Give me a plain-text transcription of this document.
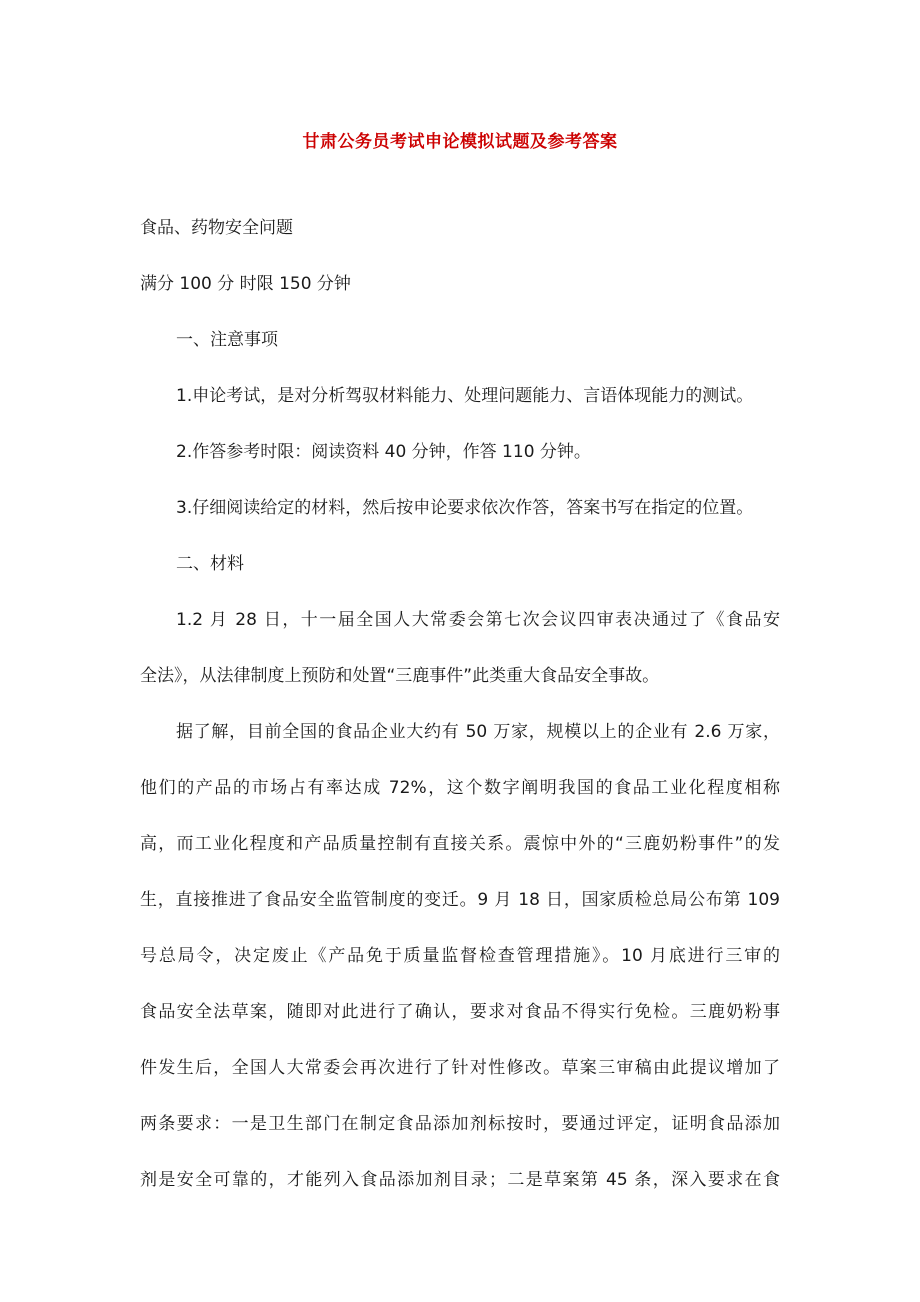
甘肃公务员考试申论模拟试题及参考答案
食品、药物安全问题
满分 100 分 时限 150 分钟
一、注意事项
1.申论考试，是对分析驾驭材料能力、处理问题能力、言语体现能力的测试。
2.作答参考时限：阅读资料 40 分钟，作答 110 分钟。
3.仔细阅读给定的材料，然后按申论要求依次作答，答案书写在指定的位置。
二、材料
1.2 月 28 日，十一届全国人大常委会第七次会议四审表决通过了《食品安
全法》，从法律制度上预防和处置“三鹿事件”此类重大食品安全事故。
据了解，目前全国的食品企业大约有 50 万家，规模以上的企业有 2.6 万家，
他们的产品的市场占有率达成 72%，这个数字阐明我国的食品工业化程度相称
高，而工业化程度和产品质量控制有直接关系。震惊中外的“三鹿奶粉事件”的发
生，直接推进了食品安全监管制度的变迁。9 月 18 日，国家质检总局公布第 109
号总局令，决定废止《产品免于质量监督检查管理措施》。10 月底进行三审的
食品安全法草案，随即对此进行了确认，要求对食品不得实行免检。三鹿奶粉事
件发生后，全国人大常委会再次进行了针对性修改。草案三审稿由此提议增加了
两条要求：一是卫生部门在制定食品添加剂标按时，要通过评定，证明食品添加
剂是安全可靠的，才能列入食品添加剂目录；二是草案第 45 条，深入要求在食
